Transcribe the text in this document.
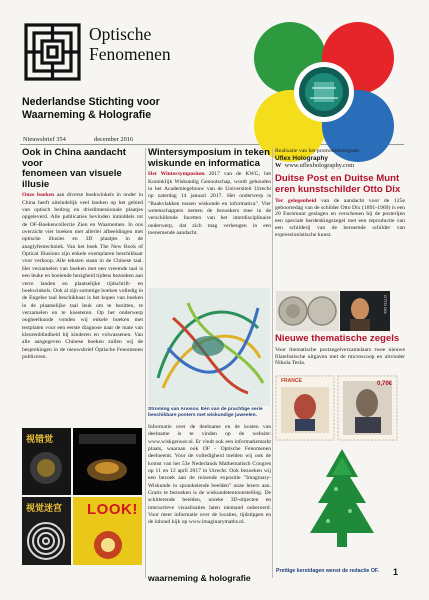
Optische
Fenomenen
Nederlandse Stichting voor
Waarneming & Holografie
Nieuwsbrief 354	december 2016
Ook in China aandacht voor
fenomeen van visuele illusie

Onze boeken aan diverse boekwinkels in onder in China heeft uiteindelijk veel boeken op het gebied van optisch bedrog en driedimensionale plaatjes opgeleverd. Alle publicaties bevinden inmiddels tot de OF-Boekencollectie Zien en Waarnemen. In ons overzicht vier boeken met allerlei afbeeldingen met optische illusies en 3D plaatjes in de anaglyfentechniek. Van het boek The New Book of Optical Illusions zijn enkele exemplaren beschikbaar voor verkoop. Alle teksten staan in de Chinese taal. Het verzamelen van boeken met een vreemde taal is een leuke en boeiende bezigheid tijdens bezoeken aan verre landen en plaatselijke tijdschrift- en boekwinkels. Ook al zijn sommige boeken volledig in de Engelse taal beschikbaar is het kopen van boeken in de plaatselijke taal leuk om te bezitten, te verzamelen en te koesteren. Op het onderwerp oogheelkunde vonden wij enkele boeken met testplaten voor een eerste diagnose naar de mate van kleurenblindheid bij kinderen en volwassenen. Van alle aangegeven Chinese boeken zullen wij de besprekingen in de nieuwsbrief Optische Fenomenen publiceren.

视错觉
视觉迷宫 LOOK!
Wintersymposium in teken
wiskunde en informatica

Het Wintersymposium 2017 van de KWG, het Koninklijk Wiskundig Genootschap, wordt gehouden in het Academiegebouw van de Universiteit Utrecht op zaterdag 14 januari 2017. Het onderwerp is "Raakvlakken tussen wiskunde en informatica". Vier wetenschappers nemen de bezoekers mee in de verschillende facetten van het interdisciplinaire onderwerp, dat zich mag verheugen in een toenemende aandacht.

Stroming van Anosov. Eén van de prachtige serie beschikbare posters met wiskundige juweelen.

Informatie over de deelname en de kosten van deelname is te vinden op de website: www.wiskgenoot.nl. Er vindt ook een informatiemarkt plaats, waaraan ook OF - Optische Fenomenen deelneemt. Voor de volledigheid melden wij ook de komst van het 53e Nederlands Mathematisch Congres op 11 en 12 april 2017 in Utrecht. Ook bezoeken wij een bezoek aan de reizende expositie "Imaginary- Wiskunde in sprankelende beelden" onze lezers aan. Gratis te bezoeken is de wiskundetentoonstelling. De schitterende beelden, unieke 3D-objecten en interactieve visualisaties laten niemand onberoerd. Voor meer informatie over de locaties, tijdstippen en de inhoud kijk op www.imaginarymaths.nl.

Realisatie van het promotiehologram

Uflex Holography

W www.uflexholography.com

Duitse Post en Duitse Munt
eren kunstschilder Otto Dix

Ter gelegenheid van de aandacht voor de 125e geboortedag van de schilder Otto Dix (1891-1969) is een 20 Euromunt geslagen en verschenen bij de posterijen een speciale herdenkingszegel met een reproductie van een schilderij van de beroemde schilder van expressionistische kunst.

OTTO DIX
Nieuwe thematische zegels

Voor thematische postzegelverzamelaars twee nieuwe filatelistische uitgaven met de microscoop en uitvinder Nikola Tesla.

FRANCE	0,70€
Prettige kerstdagen wenst de redactie OF.
waarneming & holografie
1
